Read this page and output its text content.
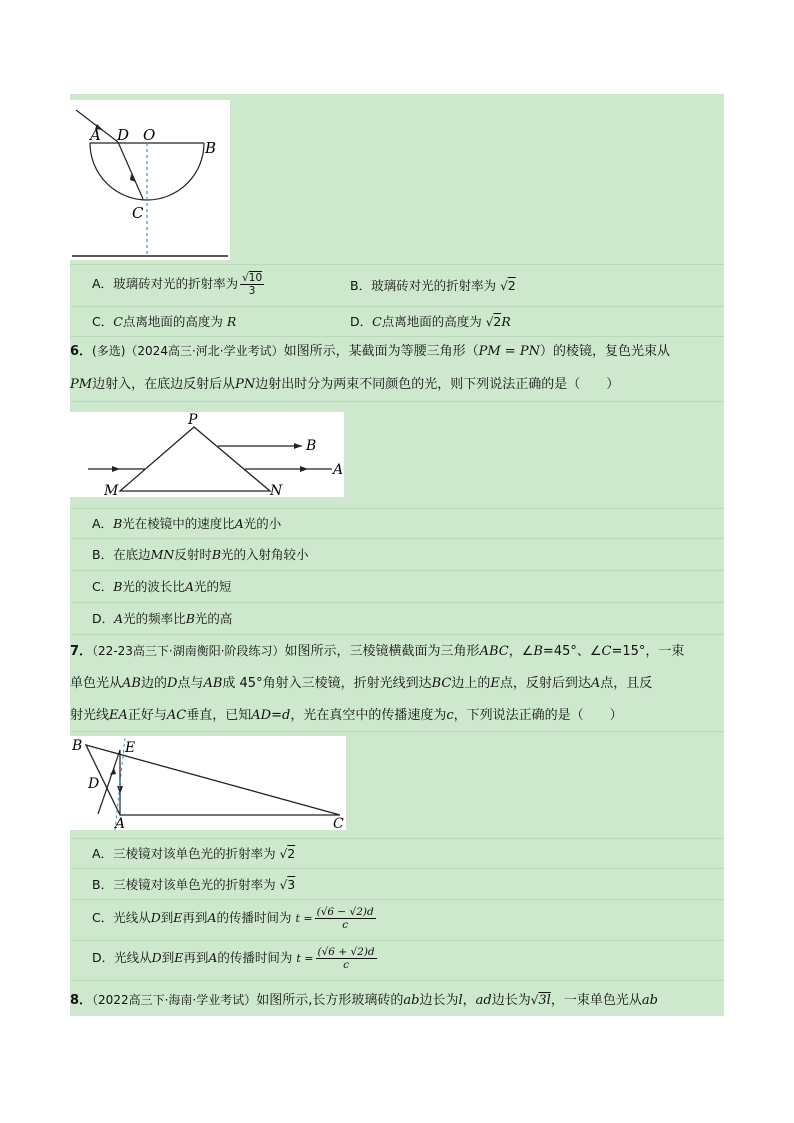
A D O
B
C
A．玻璃砖对光的折射率为 $\frac{√10}{3}$	B．玻璃砖对光的折射率为 √2
C．C点离地面的高度为 R	D．C点离地面的高度为 √2R
6．(多选)（2024高三·河北·学业考试）如图所示，某截面为等腰三角形（PM = PN）的棱镜，复色光束从
PM边射入，在底边反射后从PN边射出时分为两束不同颜色的光，则下列说法正确的是（　　）
P
B
A
M	N
A．B光在棱镜中的速度比A光的小
B．在底边MN反射时B光的入射角较小
C．B光的波长比A光的短
D．A光的频率比B光的高
7．（22-23高三下·湖南衡阳·阶段练习）如图所示，三棱镜横截面为三角形ABC，∠B=45°、∠C=15°，一束
单色光从AB边的D点与AB成 45°角射入三棱镜，折射光线到达BC边上的E点，反射后到达A点，且反
射光线EA正好与AC垂直，已知AD=d，光在真空中的传播速度为c，下列说法正确的是（　　）
B	E
D
A	C
A．三棱镜对该单色光的折射率为 √2
B．三棱镜对该单色光的折射率为 √3
C．光线从D到E再到A的传播时间为 $t = \frac{(√6 - √2)d}{c}$
D．光线从D到E再到A的传播时间为 $t = \frac{(√6 + √2)d}{c}$
8．（2022高三下·海南·学业考试）如图所示,长方形玻璃砖的ab边长为l，ad边长为√3l，一束单色光从ab
